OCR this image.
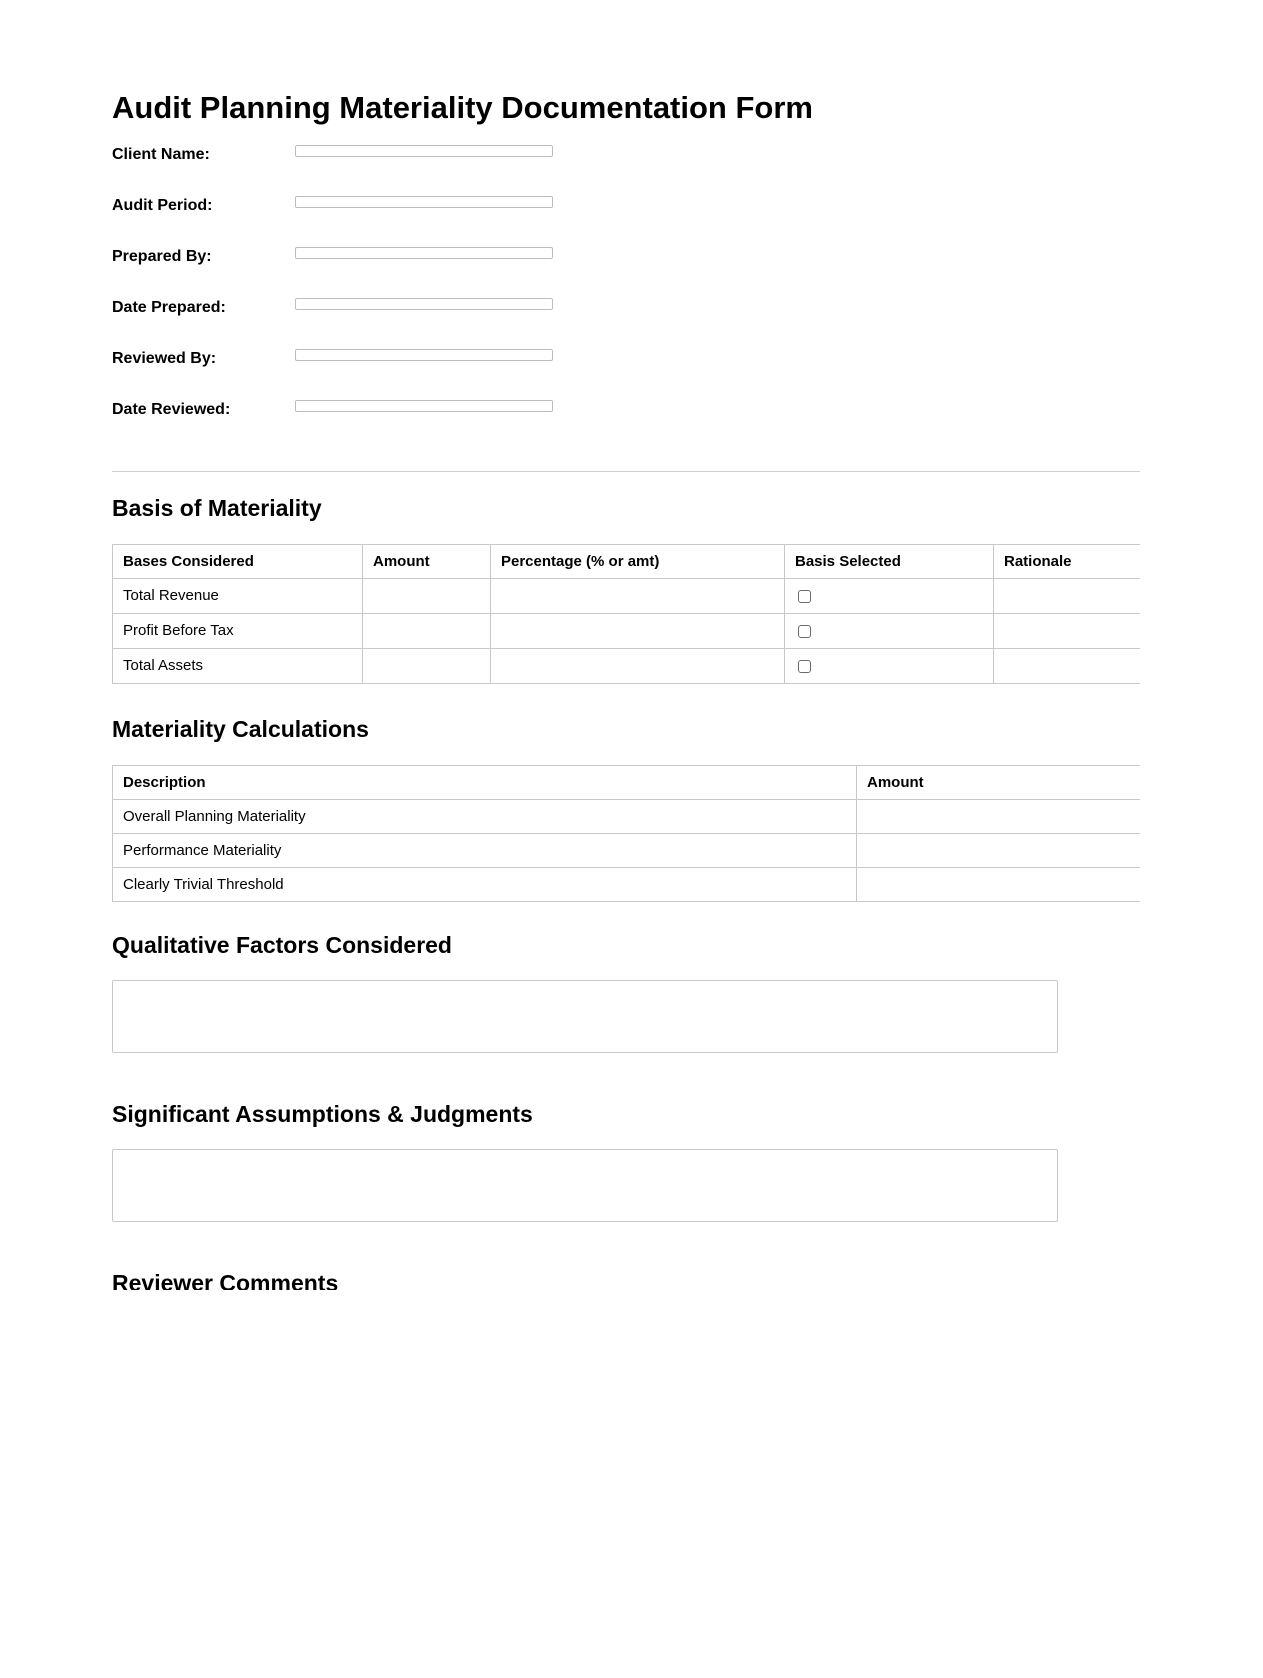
Audit Planning Materiality Documentation Form
Client Name:
Audit Period:
Prepared By:
Date Prepared:
Reviewed By:
Date Reviewed:
Basis of Materiality
Bases Considered	Amount	Percentage (% or amt)	Basis Selected	Rationale
Total Revenue				
Profit Before Tax				
Total Assets				
Materiality Calculations
Description	Amount
Overall Planning Materiality	
Performance Materiality	
Clearly Trivial Threshold	
Qualitative Factors Considered
Significant Assumptions & Judgments
Reviewer Comments
